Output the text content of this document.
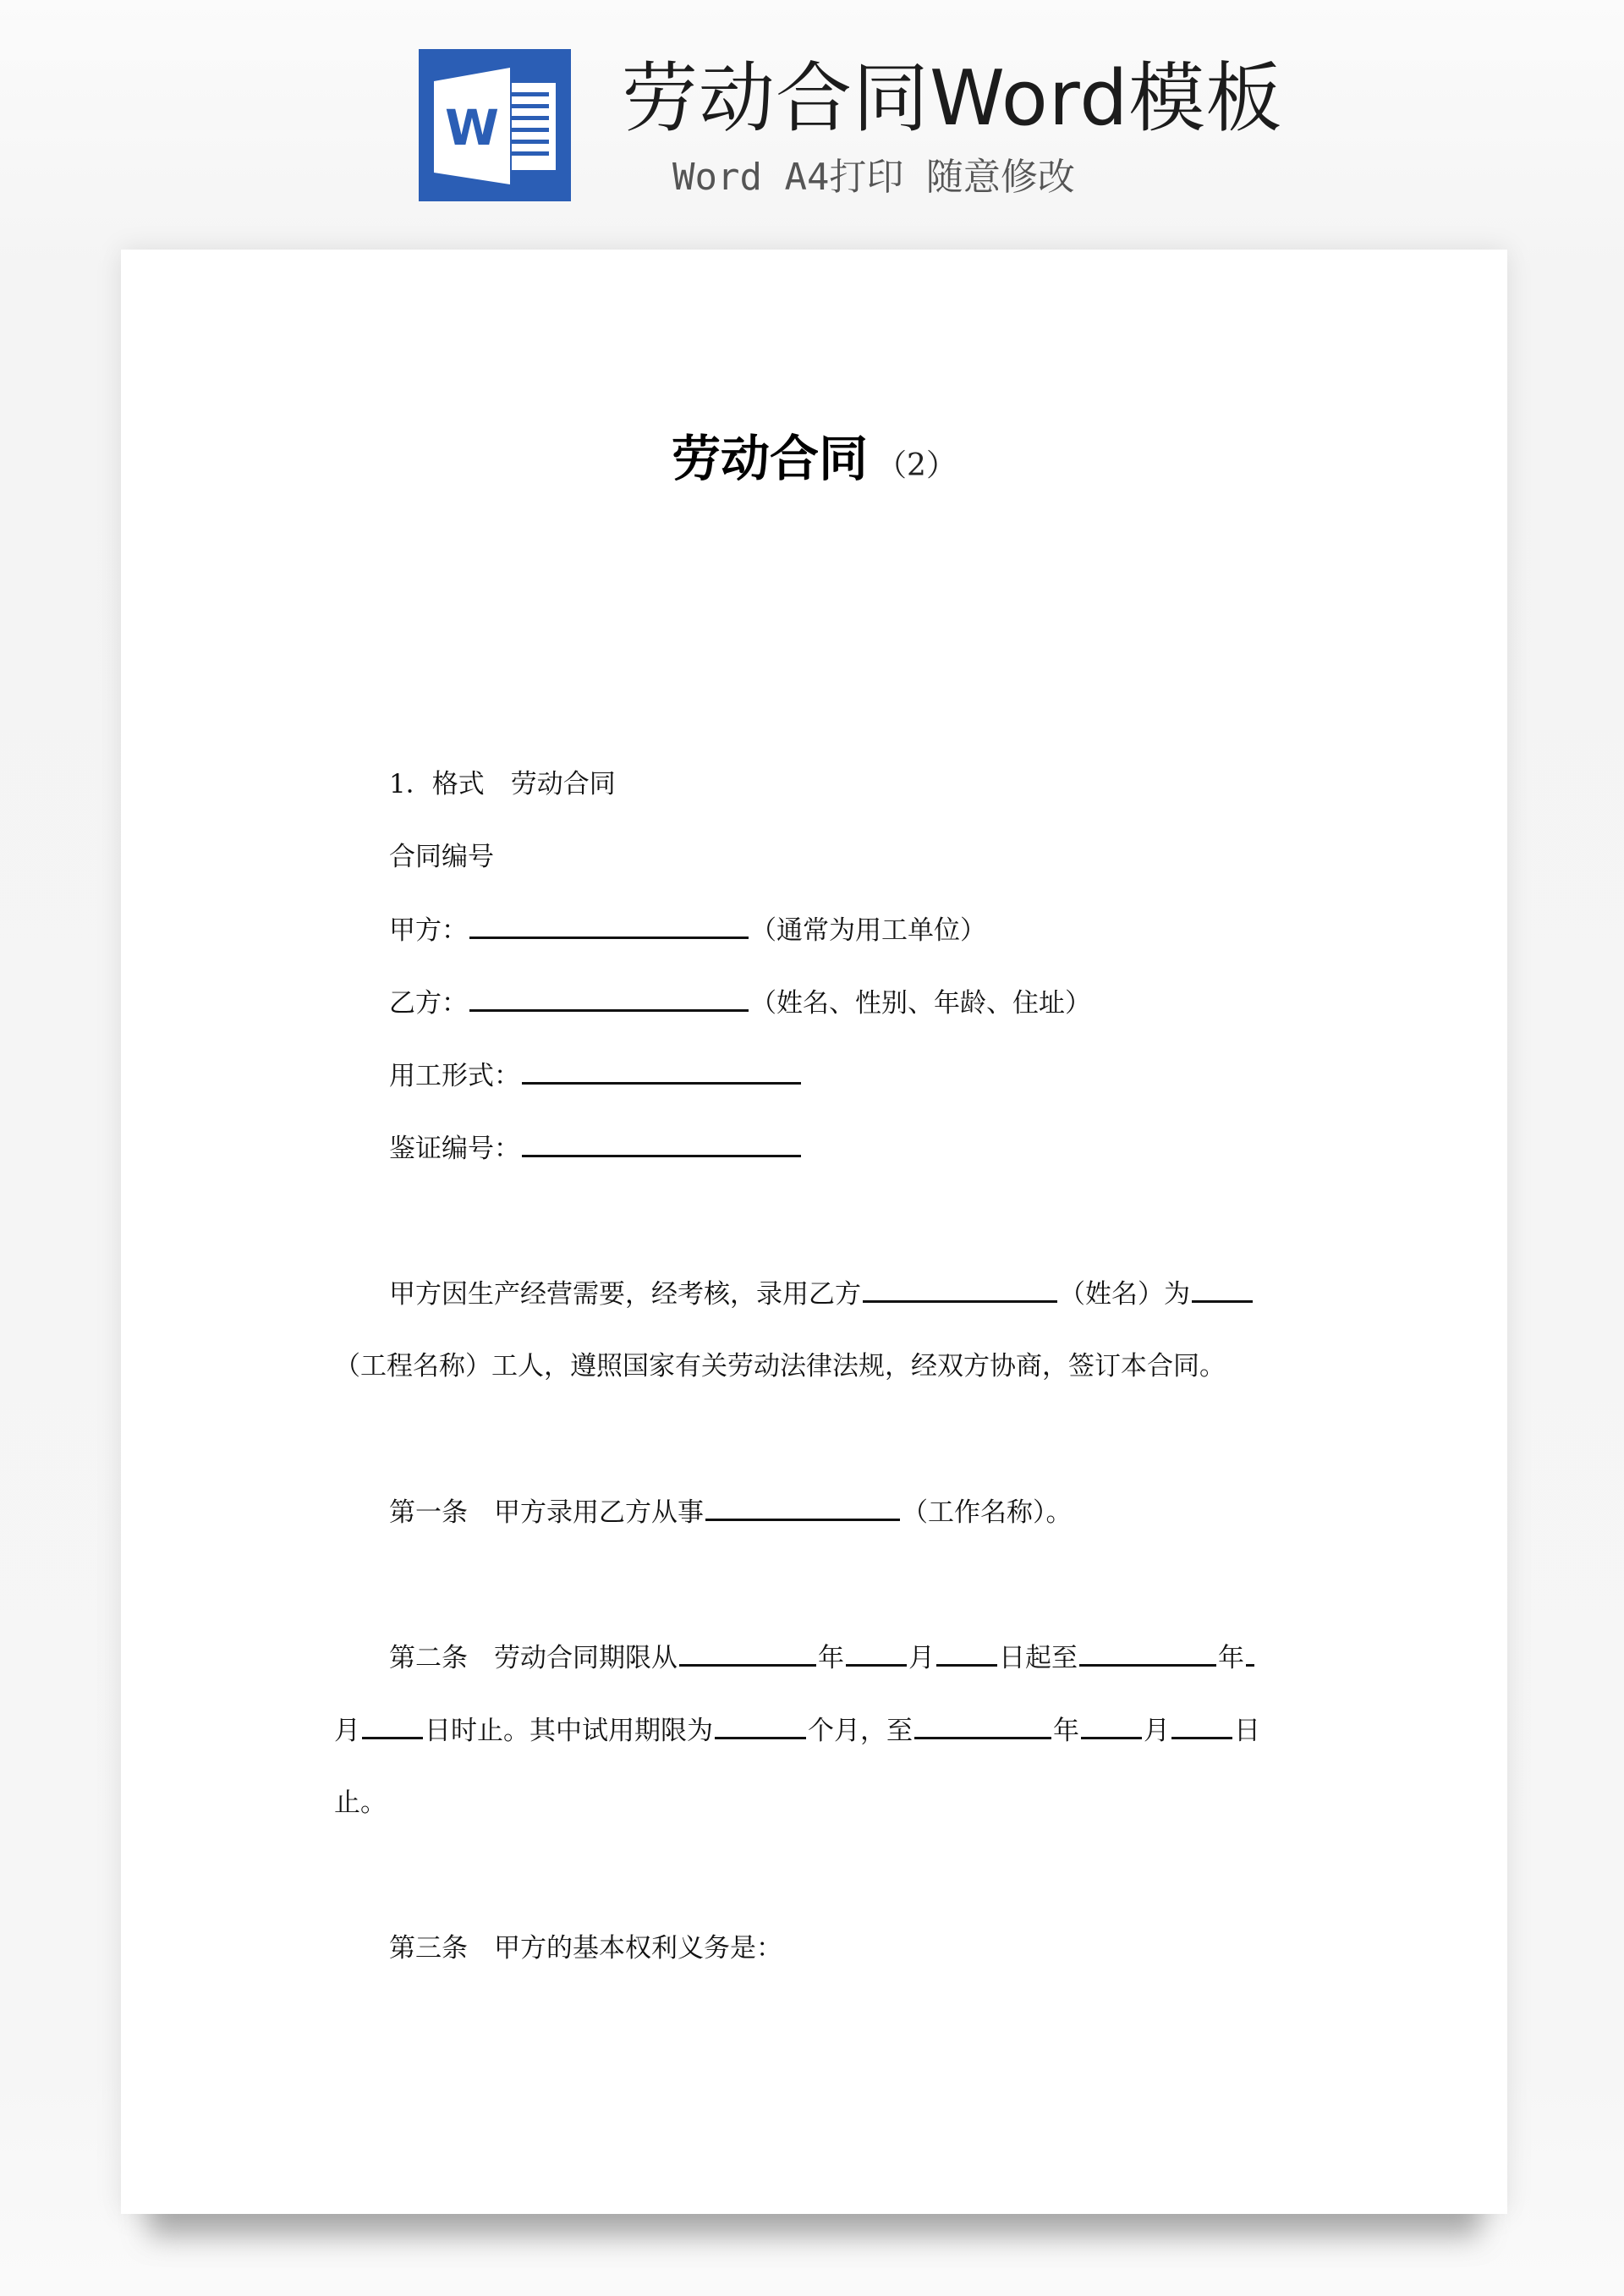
W 劳动合同Word模板
Word A4打印 随意修改
劳动合同 （2）
1．格式　劳动合同
合同编号
甲方：	（通常为用工单位）
乙方：	（姓名、性别、年龄、住址）
用工形式：
鉴证编号：
甲方因生产经营需要，经考核，录用乙方	（姓名）为
（工程名称）工人，遵照国家有关劳动法律法规，经双方协商，签订本合同。
第一条　甲方录用乙方从事	（工作名称）。
第二条　劳动合同期限从	年 月 日起至	年
月 日时止。其中试用期限为	个月，至	年 月 日
止。
第三条　甲方的基本权利义务是：
